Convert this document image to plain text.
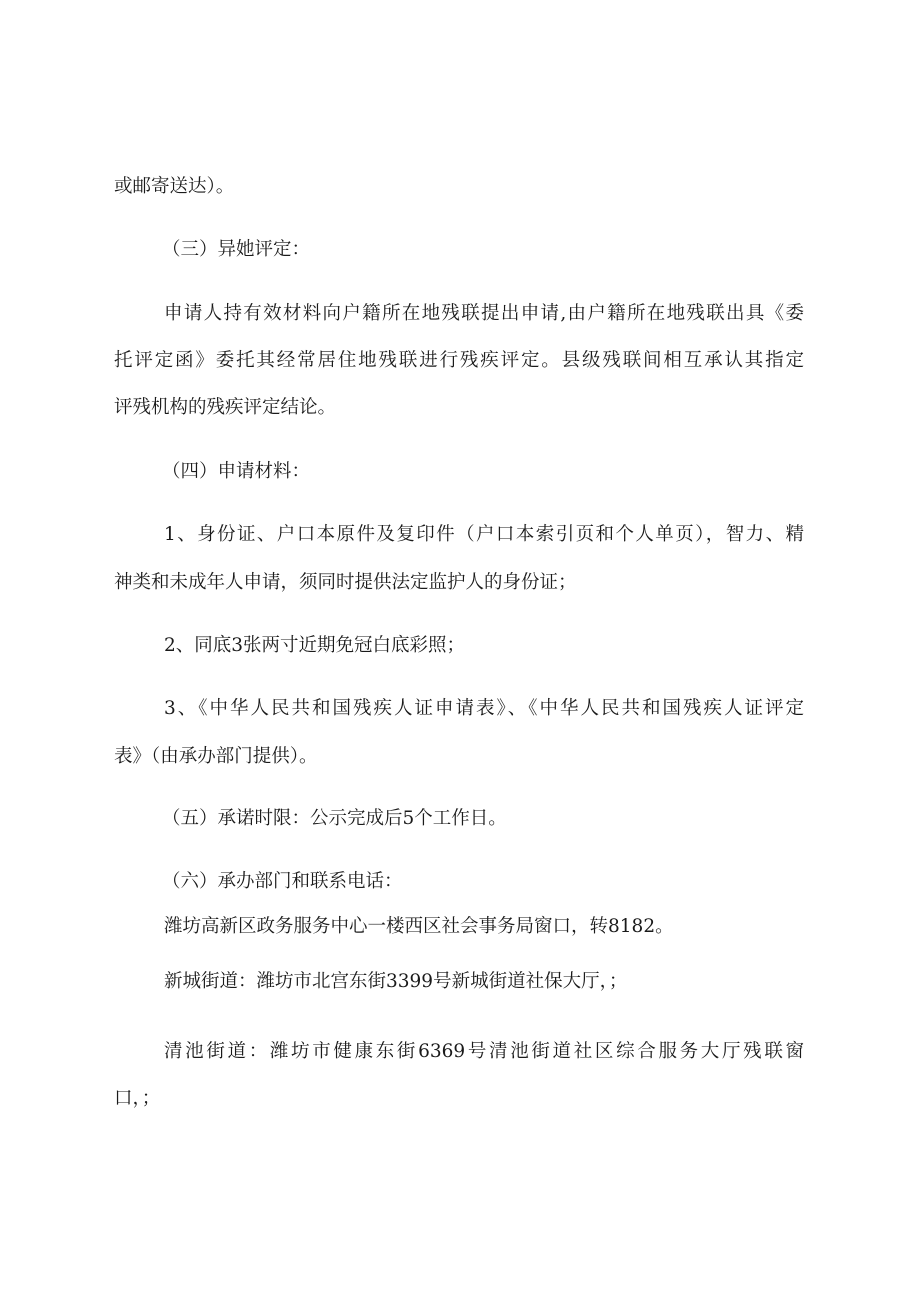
或邮寄送达）。
（三）异她评定：
申请人持有效材料向户籍所在地残联提出申请,由户籍所在地残联出具《委
托评定函》委托其经常居住地残联进行残疾评定。县级残联间相互承认其指定
评残机构的残疾评定结论。
（四）申请材料：
1、身份证、户口本原件及复印件（户口本索引页和个人单页），智力、精
神类和未成年人申请，须同时提供法定监护人的身份证；
2、同底3张两寸近期免冠白底彩照；
3、《中华人民共和国残疾人证申请表》、《中华人民共和国残疾人证评定
表》（由承办部门提供）。
（五）承诺时限：公示完成后5个工作日。
（六）承办部门和联系电话：
潍坊高新区政务服务中心一楼西区社会事务局窗口，转8182。
新城街道：潍坊市北宫东街3399号新城街道社保大厅，；
清池街道：潍坊市健康东街6369号清池街道社区综合服务大厅残联窗
口，；
